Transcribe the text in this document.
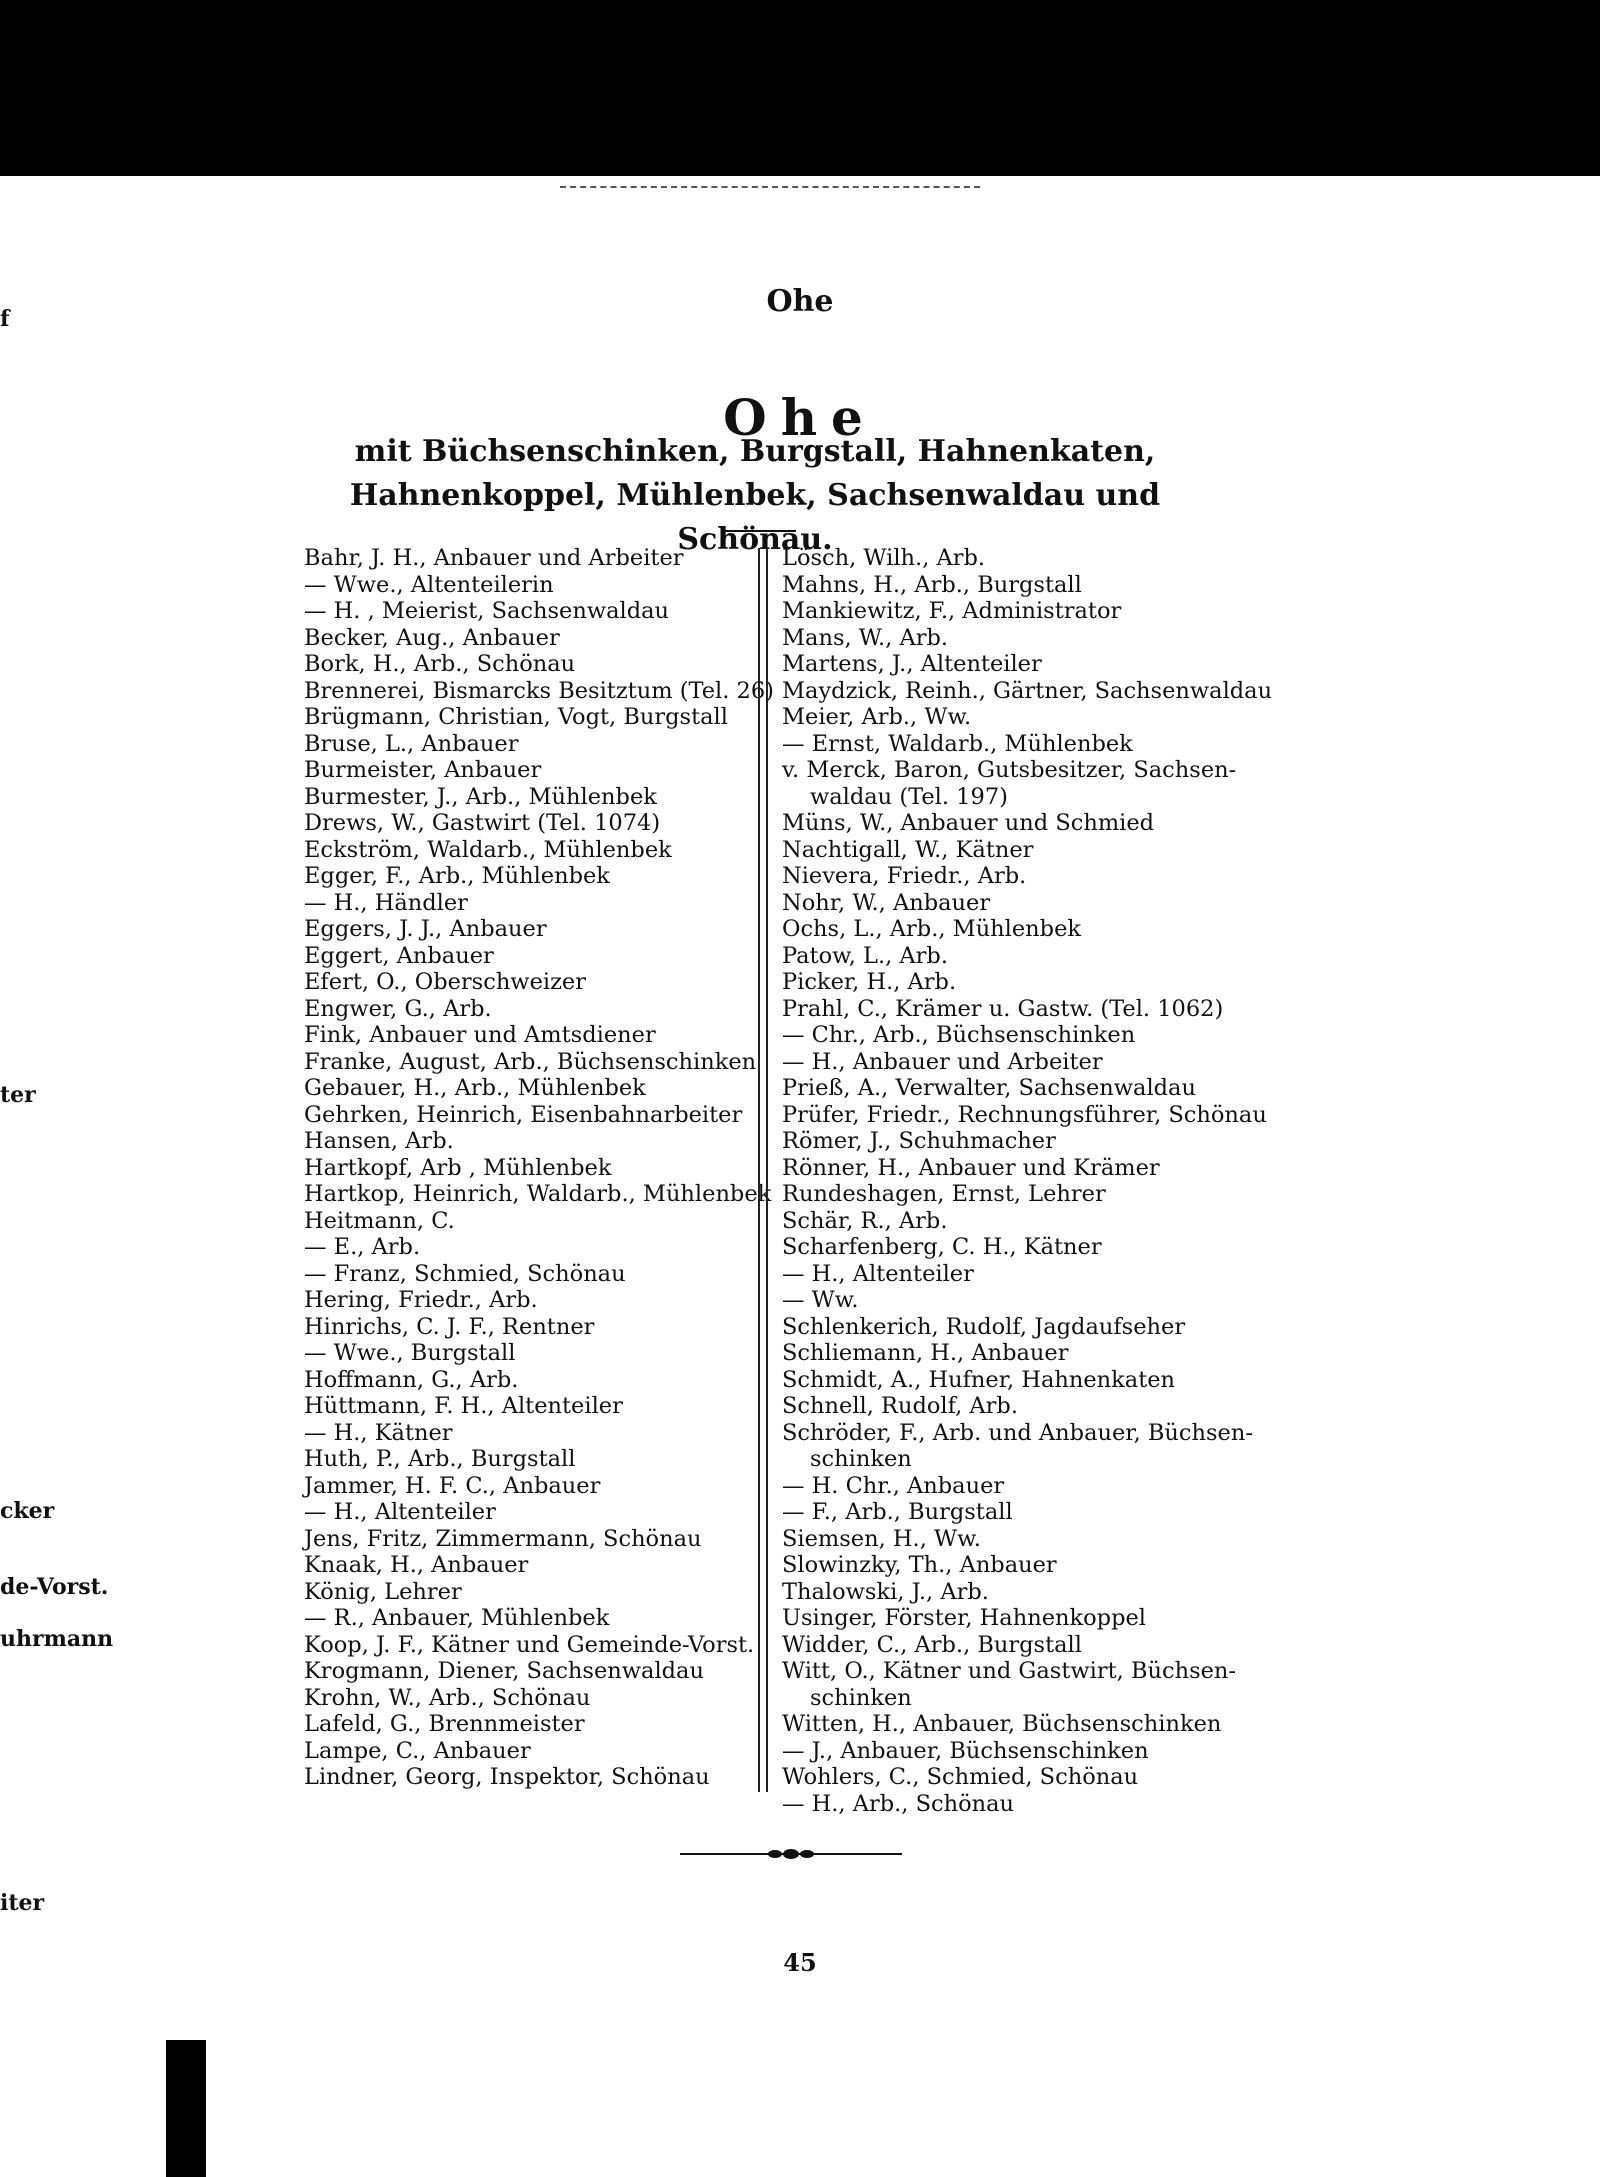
f
ter
cker
de-Vorst.
uhrmann
iter
Ohe
Ohe
mit Büchsenschinken, Burgstall, Hahnenkaten, Hahnenkoppel, Mühlenbek, Sachsenwaldau und Schönau.
Bahr, J. H., Anbauer und Arbeiter
— Wwe., Altenteilerin
— H. , Meierist, Sachsenwaldau
Becker, Aug., Anbauer
Bork, H., Arb., Schönau
Brennerei, Bismarcks Besitztum (Tel. 26)
Brügmann, Christian, Vogt, Burgstall
Bruse, L., Anbauer
Burmeister, Anbauer
Burmester, J., Arb., Mühlenbek
Drews, W., Gastwirt (Tel. 1074)
Eckström, Waldarb., Mühlenbek
Egger, F., Arb., Mühlenbek
— H., Händler
Eggers, J. J., Anbauer
Eggert, Anbauer
Efert, O., Oberschweizer
Engwer, G., Arb.
Fink, Anbauer und Amtsdiener
Franke, August, Arb., Büchsenschinken
Gebauer, H., Arb., Mühlenbek
Gehrken, Heinrich, Eisenbahnarbeiter
Hansen, Arb.
Hartkopf, Arb , Mühlenbek
Hartkop, Heinrich, Waldarb., Mühlenbek
Heitmann, C.
— E., Arb.
— Franz, Schmied, Schönau
Hering, Friedr., Arb.
Hinrichs, C. J. F., Rentner
— Wwe., Burgstall
Hoffmann, G., Arb.
Hüttmann, F. H., Altenteiler
— H., Kätner
Huth, P., Arb., Burgstall
Jammer, H. F. C., Anbauer
— H., Altenteiler
Jens, Fritz, Zimmermann, Schönau
Knaak, H., Anbauer
König, Lehrer
— R., Anbauer, Mühlenbek
Koop, J. F., Kätner und Gemeinde-Vorst.
Krogmann, Diener, Sachsenwaldau
Krohn, W., Arb., Schönau
Lafeld, G., Brennmeister
Lampe, C., Anbauer
Lindner, Georg, Inspektor, Schönau
Lösch, Wilh., Arb.
Mahns, H., Arb., Burgstall
Mankiewitz, F., Administrator
Mans, W., Arb.
Martens, J., Altenteiler
Maydzick, Reinh., Gärtner, Sachsenwaldau
Meier, Arb., Ww.
— Ernst, Waldarb., Mühlenbek
v. Merck, Baron, Gutsbesitzer, Sachsen-
waldau (Tel. 197)
Müns, W., Anbauer und Schmied
Nachtigall, W., Kätner
Nievera, Friedr., Arb.
Nohr, W., Anbauer
Ochs, L., Arb., Mühlenbek
Patow, L., Arb.
Picker, H., Arb.
Prahl, C., Krämer u. Gastw. (Tel. 1062)
— Chr., Arb., Büchsenschinken
— H., Anbauer und Arbeiter
Prieß, A., Verwalter, Sachsenwaldau
Prüfer, Friedr., Rechnungsführer, Schönau
Römer, J., Schuhmacher
Rönner, H., Anbauer und Krämer
Rundeshagen, Ernst, Lehrer
Schär, R., Arb.
Scharfenberg, C. H., Kätner
— H., Altenteiler
— Ww.
Schlenkerich, Rudolf, Jagdaufseher
Schliemann, H., Anbauer
Schmidt, A., Hufner, Hahnenkaten
Schnell, Rudolf, Arb.
Schröder, F., Arb. und Anbauer, Büchsen-
schinken
— H. Chr., Anbauer
— F., Arb., Burgstall
Siemsen, H., Ww.
Slowinzky, Th., Anbauer
Thalowski, J., Arb.
Usinger, Förster, Hahnenkoppel
Widder, C., Arb., Burgstall
Witt, O., Kätner und Gastwirt, Büchsen-
schinken
Witten, H., Anbauer, Büchsenschinken
— J., Anbauer, Büchsenschinken
Wohlers, C., Schmied, Schönau
— H., Arb., Schönau
45
